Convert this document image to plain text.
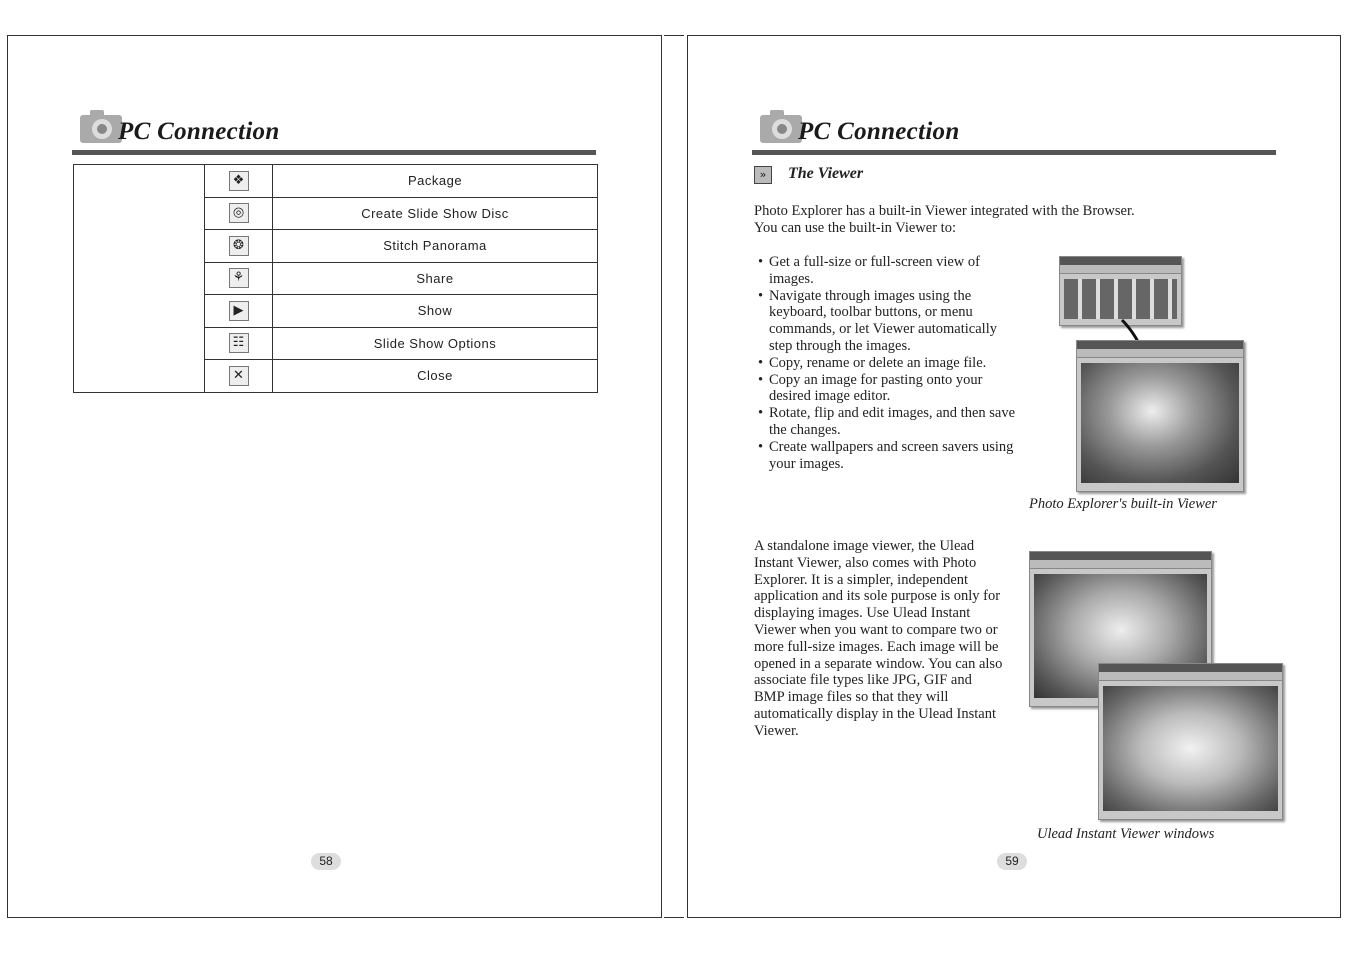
PC Connection
	❖	Package
	◎	Create Slide Show Disc
	❂	Stitch Panorama
	⚘	Share
	▶	Show
	☷	Slide Show Options
	✕	Close
58
PC Connection
»	The Viewer
Photo Explorer has a built-in Viewer integrated with the Browser.
You can use the built-in Viewer to:
• Get a full-size or full-screen view of images.
• Navigate through images using the keyboard, toolbar buttons, or menu commands, or let Viewer automatically step through the images.
• Copy, rename or delete an image file.
• Copy an image for pasting onto your desired image editor.
• Rotate, flip and edit images, and then save the changes.
• Create wallpapers and screen savers using your images.
Photo Explorer's built-in Viewer
A standalone image viewer, the Ulead Instant Viewer, also comes with Photo Explorer. It is a simpler, independent application and its sole purpose is only for displaying images. Use Ulead Instant Viewer when you want to compare two or more full-size images. Each image will be opened in a separate window. You can also associate file types like JPG, GIF and BMP image files so that they will automatically display in the Ulead Instant Viewer.
Ulead Instant Viewer windows
59
